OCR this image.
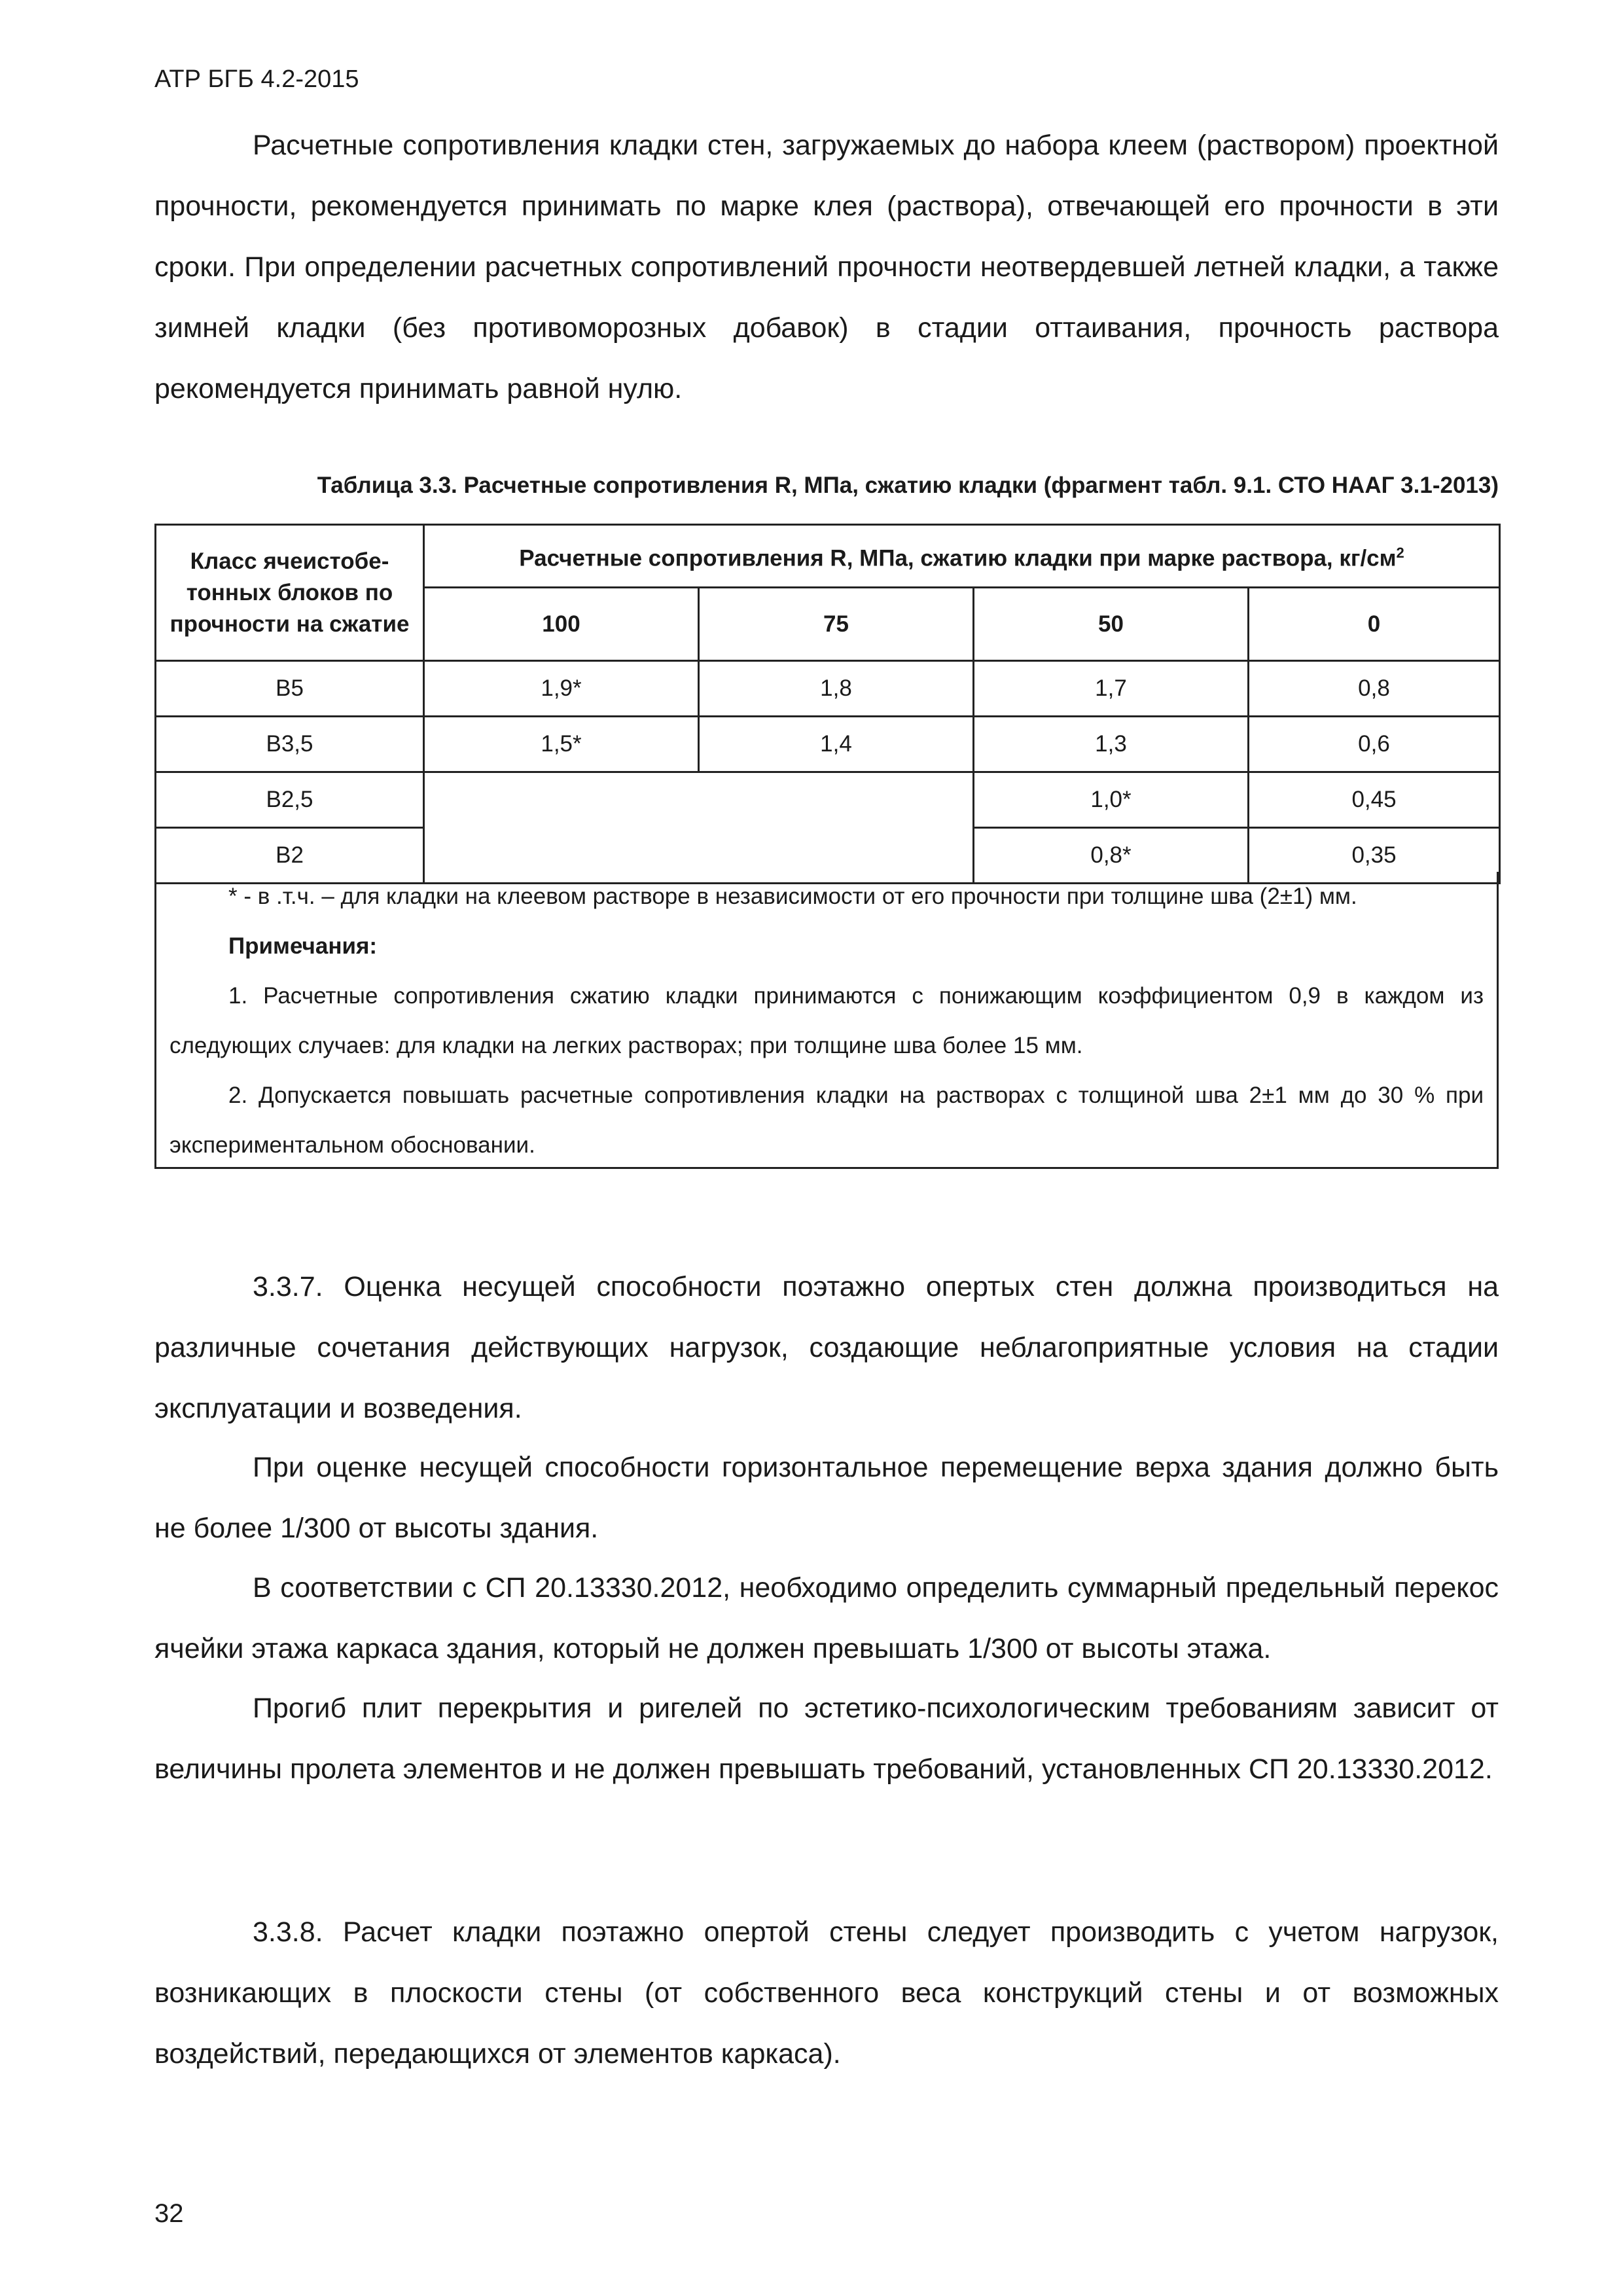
АТР БГБ 4.2-2015

Расчетные сопротивления кладки стен, загружаемых до набора клеем (раствором) проектной прочности, рекомендуется принимать по марке клея (раствора), отвечающей его прочности в эти сроки. При определении расчетных сопротивлений прочности неотвердевшей летней кладки, а также зимней кладки (без противоморозных добавок) в стадии оттаивания, прочность раствора рекомендуется принимать равной нулю.

Таблица 3.3. Расчетные сопротивления R, МПа, сжатию кладки (фрагмент табл. 9.1. СТО НААГ 3.1-2013)
Класс ячеистобе-тонных блоков по прочности на сжатие	Расчетные сопротивления R, МПа, сжатию кладки при марке раствора, $кг/см^2$
	100	75	50	0
В5	1,9*	1,8	1,7	0,8
В3,5	1,5*	1,4	1,3	0,6
В2,5			1,0*	0,45
В2			0,8*	0,35

* - в .т.ч. – для кладки на клеевом растворе в независимости от его прочности при толщине шва (2±1) мм.

Примечания:

1. Расчетные сопротивления сжатию кладки принимаются с понижающим коэффициентом 0,9 в каждом из следующих случаев: для кладки на легких растворах; при толщине шва более 15 мм.

2. Допускается повышать расчетные сопротивления кладки на растворах с толщиной шва 2±1 мм до 30 % при экспериментальном обосновании.

3.3.7. Оценка несущей способности поэтажно опертых стен должна производиться на различные сочетания действующих нагрузок, создающие неблагоприятные условия на стадии эксплуатации и возведения.

При оценке несущей способности горизонтальное перемещение верха здания должно быть не более 1/300 от высоты здания.

В соответствии с СП 20.13330.2012, необходимо определить суммарный предельный перекос ячейки этажа каркаса здания, который не должен превышать 1/300 от высоты этажа.

Прогиб плит перекрытия и ригелей по эстетико-психологическим требованиям зависит от величины пролета элементов и не должен превышать требований, установленных СП 20.13330.2012.

3.3.8. Расчет кладки поэтажно опертой стены следует производить с учетом нагрузок, возникающих в плоскости стены (от собственного веса конструкций стены и от возможных воздействий, передающихся от элементов каркаса).

32
